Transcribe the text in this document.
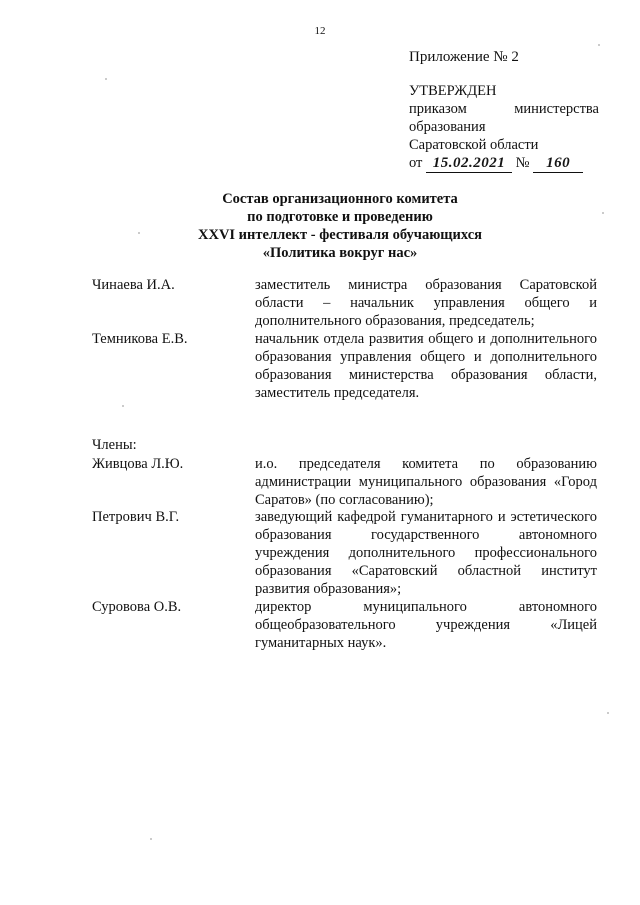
12
Приложение № 2
УТВЕРЖДЕН
приказом	министерства
образования
Саратовской области
от 15.02.2021 № 160
Состав организационного комитета
по подготовке и проведению
XXVI интеллект - фестиваля обучающихся
«Политика вокруг нас»
Чинаева И.А.	заместитель министра образования Саратовской области – начальник управления общего и дополнительного образования, председатель;
Темникова Е.В.	начальник отдела развития общего и дополнительного образования управления общего и дополнительного образования министерства образования области, заместитель председателя.
Члены:
Живцова Л.Ю.	и.о. председателя комитета по образованию администрации муниципального образования «Город Саратов» (по согласованию);
Петрович В.Г.	заведующий кафедрой гуманитарного и эстетического образования государственного автономного учреждения дополнительного профессионального образования «Саратовский областной институт развития образования»;
Суровова О.В.	директор муниципального автономного общеобразовательного учреждения «Лицей гуманитарных наук».
